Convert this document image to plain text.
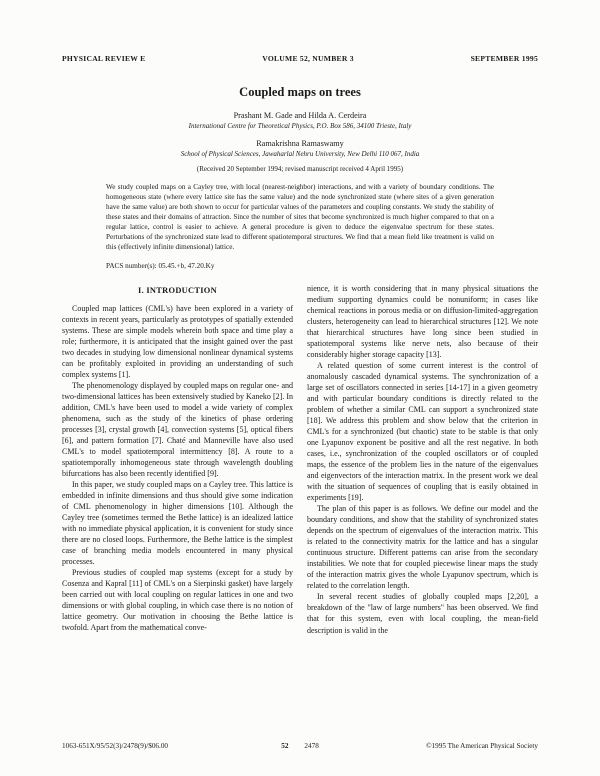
PHYSICAL REVIEW E	VOLUME 52, NUMBER 3	SEPTEMBER 1995
Coupled maps on trees
Prashant M. Gade and Hilda A. Cerdeira
International Centre for Theoretical Physics, P.O. Box 586, 34100 Trieste, Italy
Ramakrishna Ramaswamy
School of Physical Sciences, Jawaharlal Nehru University, New Delhi 110 067, India
(Received 20 September 1994; revised manuscript received 4 April 1995)

We study coupled maps on a Cayley tree, with local (nearest-neighbor) interactions, and with a variety of boundary conditions. The homogeneous state (where every lattice site has the same value) and the node synchronized state (where sites of a given generation have the same value) are both shown to occur for particular values of the parameters and coupling constants. We study the stability of these states and their domains of attraction. Since the number of sites that become synchronized is much higher compared to that on a regular lattice, control is easier to achieve. A general procedure is given to deduce the eigenvalue spectrum for these states. Perturbations of the synchronized state lead to different spatiotemporal structures. We find that a mean field like treatment is valid on this (effectively infinite dimensional) lattice.

PACS number(s): 05.45.+b, 47.20.Ky
I. INTRODUCTION

Coupled map lattices (CML's) have been explored in a variety of contexts in recent years, particularly as prototypes of spatially extended systems. These are simple models wherein both space and time play a role; furthermore, it is anticipated that the insight gained over the past two decades in studying low dimensional nonlinear dynamical systems can be profitably exploited in providing an understanding of such complex systems [1].

The phenomenology displayed by coupled maps on regular one- and two-dimensional lattices has been extensively studied by Kaneko [2]. In addition, CML's have been used to model a wide variety of complex phenomena, such as the study of the kinetics of phase ordering processes [3], crystal growth [4], convection systems [5], optical fibers [6], and pattern formation [7]. Chaté and Manneville have also used CML's to model spatiotemporal intermittency [8]. A route to a spatiotemporally inhomogeneous state through wavelength doubling bifurcations has also been recently identified [9].

In this paper, we study coupled maps on a Cayley tree. This lattice is embedded in infinite dimensions and thus should give some indication of CML phenomenology in higher dimensions [10]. Although the Cayley tree (sometimes termed the Bethe lattice) is an idealized lattice with no immediate physical application, it is convenient for study since there are no closed loops. Furthermore, the Bethe lattice is the simplest case of branching media models encountered in many physical processes.

Previous studies of coupled map systems (except for a study by Cosenza and Kapral [11] of CML's on a Sierpinski gasket) have largely been carried out with local coupling on regular lattices in one and two dimensions or with global coupling, in which case there is no notion of lattice geometry. Our motivation in choosing the Bethe lattice is twofold. Apart from the mathematical conve-

nience, it is worth considering that in many physical situations the medium supporting dynamics could be nonuniform; in cases like chemical reactions in porous media or on diffusion-limited-aggregation clusters, heterogeneity can lead to hierarchical structures [12]. We note that hierarchical structures have long since been studied in spatiotemporal systems like nerve nets, also because of their considerably higher storage capacity [13].

A related question of some current interest is the control of anomalously cascaded dynamical systems. The synchronization of a large set of oscillators connected in series [14-17] in a given geometry and with particular boundary conditions is directly related to the problem of whether a similar CML can support a synchronized state [18]. We address this problem and show below that the criterion in CML's for a synchronized (but chaotic) state to be stable is that only one Lyapunov exponent be positive and all the rest negative. In both cases, i.e., synchronization of the coupled oscillators or of coupled maps, the essence of the problem lies in the nature of the eigenvalues and eigenvectors of the interaction matrix. In the present work we deal with the situation of sequences of coupling that is easily obtained in experiments [19].

The plan of this paper is as follows. We define our model and the boundary conditions, and show that the stability of synchronized states depends on the spectrum of eigenvalues of the interaction matrix. This is related to the connectivity matrix for the lattice and has a singular continuous structure. Different patterns can arise from the secondary instabilities. We note that for coupled piecewise linear maps the study of the interaction matrix gives the whole Lyapunov spectrum, which is related to the correlation length.

In several recent studies of globally coupled maps [2,20], a breakdown of the "law of large numbers" has been observed. We find that for this system, even with local coupling, the mean-field description is valid in the

1063-651X/95/52(3)/2478(9)/$06.00	52 2478	©1995 The American Physical Society
